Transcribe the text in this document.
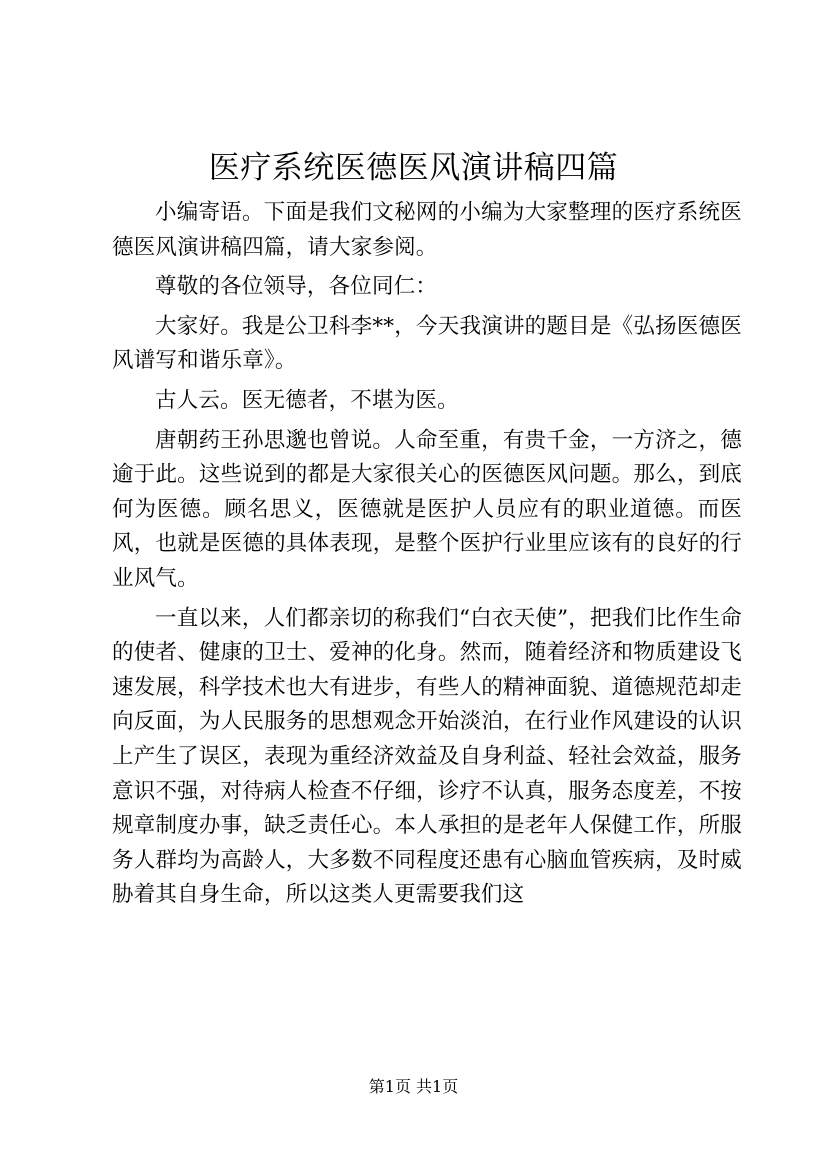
医疗系统医德医风演讲稿四篇

小编寄语。下面是我们文秘网的小编为大家整理的医疗系统医德医风演讲稿四篇，请大家参阅。

尊敬的各位领导，各位同仁：

大家好。我是公卫科李**，今天我演讲的题目是《弘扬医德医风谱写和谐乐章》。

古人云。医无德者，不堪为医。

唐朝药王孙思邈也曾说。人命至重，有贵千金，一方济之，德逾于此。这些说到的都是大家很关心的医德医风问题。那么，到底何为医德。顾名思义，医德就是医护人员应有的职业道德。而医风，也就是医德的具体表现，是整个医护行业里应该有的良好的行业风气。

一直以来，人们都亲切的称我们“白衣天使”，把我们比作生命的使者、健康的卫士、爱神的化身。然而，随着经济和物质建设飞速发展，科学技术也大有进步，有些人的精神面貌、道德规范却走向反面，为人民服务的思想观念开始淡泊，在行业作风建设的认识上产生了误区，表现为重经济效益及自身利益、轻社会效益，服务意识不强，对待病人检查不仔细，诊疗不认真，服务态度差，不按规章制度办事，缺乏责任心。本人承担的是老年人保健工作，所服务人群均为高龄人，大多数不同程度还患有心脑血管疾病，及时威胁着其自身生命，所以这类人更需要我们这

第1页 共1页
